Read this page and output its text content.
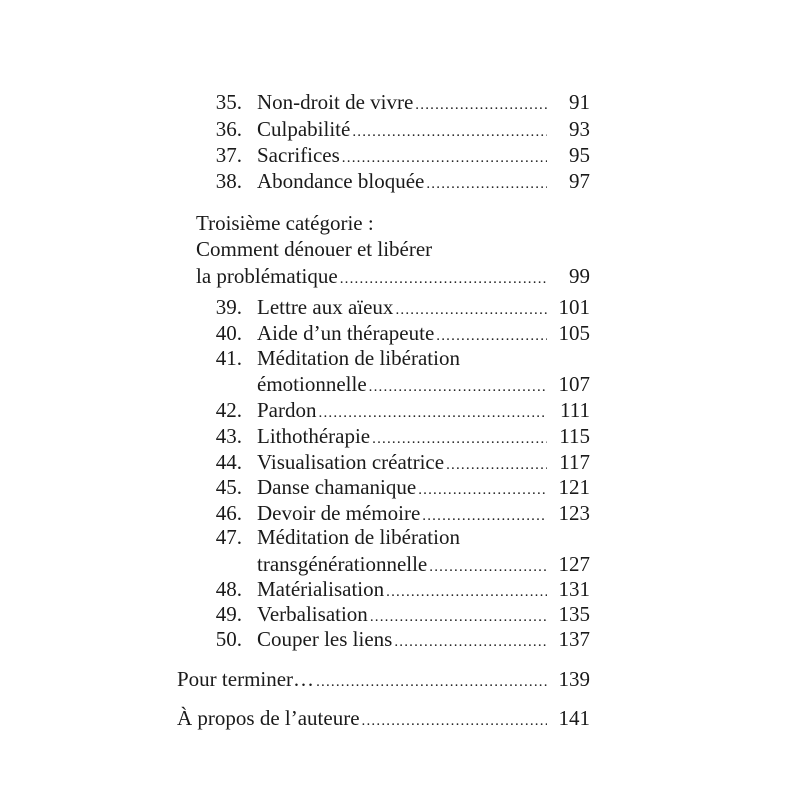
35. Non-droit de vivre .....	91
36. Culpabilité .....	93
37. Sacrifices .....	95
38. Abondance bloquée .....	97
Troisième catégorie :
Comment dénouer et libérer
la problématique .....	99
39. Lettre aux aïeux .....	101
40. Aide d’un thérapeute .....	105
41. Méditation de libération
émotionnelle .....	107
42. Pardon .....	111
43. Lithothérapie .....	115
44. Visualisation créatrice .....	117
45. Danse chamanique .....	121
46. Devoir de mémoire .....	123
47. Méditation de libération
transgénérationnelle .....	127
48. Matérialisation .....	131
49. Verbalisation .....	135
50. Couper les liens .....	137
Pour terminer… .....	139
À propos de l’auteure .....	141
